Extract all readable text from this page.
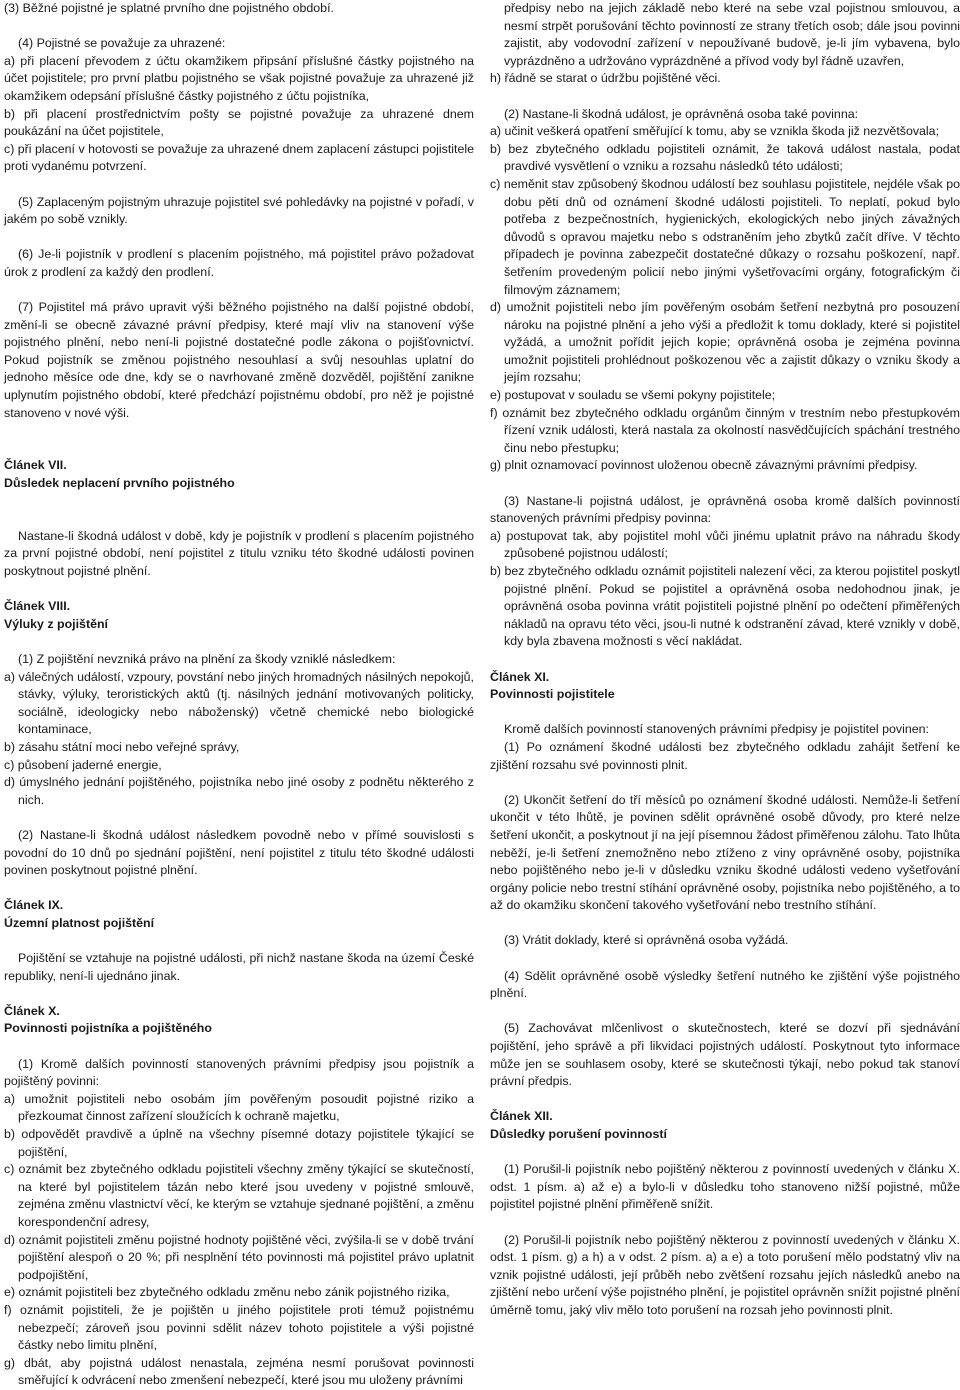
(3) Běžné pojistné je splatné prvního dne pojistného období.

(4) Pojistné se považuje za uhrazené:

a) při placení převodem z účtu okamžikem připsání příslušné částky pojistného na účet pojistitele; pro první platbu pojistného se však pojistné považuje za uhrazené již okamžikem odepsání příslušné částky pojistného z účtu pojistníka,

b) při placení prostřednictvím pošty se pojistné považuje za uhrazené dnem poukázání na účet pojistitele,

c) při placení v hotovosti se považuje za uhrazené dnem zaplacení zástupci pojistitele proti vydanému potvrzení.

(5) Zaplaceným pojistným uhrazuje pojistitel své pohledávky na pojistné v pořadí, v jakém po sobě vznikly.

(6) Je-li pojistník v prodlení s placením pojistného, má pojistitel právo požadovat úrok z prodlení za každý den prodlení.

(7) Pojistitel má právo upravit výši běžného pojistného na další pojistné období, změní-li se obecně závazné právní předpisy, které mají vliv na stanovení výše pojistného plnění, nebo není-li pojistné dostatečné podle zákona o pojišťovnictví. Pokud pojistník se změnou pojistného nesouhlasí a svůj nesouhlas uplatní do jednoho měsíce ode dne, kdy se o navrhované změně dozvěděl, pojištění zanikne uplynutím pojistného období, které předchází pojistnému období, pro něž je pojistné stanoveno v nové výši.

Článek VII.

Důsledek neplacení prvního pojistného

Nastane-li škodná událost v době, kdy je pojistník v prodlení s placením pojistného za první pojistné období, není pojistitel z titulu vzniku této škodné události povinen poskytnout pojistné plnění.

Článek VIII.

Výluky z pojištění

(1) Z pojištění nevzniká právo na plnění za škody vzniklé následkem:

a) válečných událostí, vzpoury, povstání nebo jiných hromadných násilných nepokojů, stávky, výluky, teroristických aktů (tj. násilných jednání motivovaných politicky, sociálně, ideologicky nebo náboženský) včetně chemické nebo biologické kontaminace,

b) zásahu státní moci nebo veřejné správy,

c) působení jaderné energie,

d) úmyslného jednání pojištěného, pojistníka nebo jiné osoby z podnětu některého z nich.

(2) Nastane-li škodná událost následkem povodně nebo v přímé souvislosti s povodní do 10 dnů po sjednání pojištění, není pojistitel z titulu této škodné události povinen poskytnout pojistné plnění.

Článek IX.

Územní platnost pojištění

Pojištění se vztahuje na pojistné události, při nichž nastane škoda na území České republiky, není-li ujednáno jinak.

Článek X.

Povinnosti pojistníka a pojištěného

(1) Kromě dalších povinností stanovených právními předpisy jsou pojistník a pojištěný povinni:

a) umožnit pojistiteli nebo osobám jím pověřeným posoudit pojistné riziko a přezkoumat činnost zařízení sloužících k ochraně majetku,

b) odpovědět pravdivě a úplně na všechny písemné dotazy pojistitele týkající se pojištění,

c) oznámit bez zbytečného odkladu pojistiteli všechny změny týkající se skutečností, na které byl pojistitelem tázán nebo které jsou uvedeny v pojistné smlouvě, zejména změnu vlastnictví věcí, ke kterým se vztahuje sjednané pojištění, a změnu korespondenční adresy,

d) oznámit pojistiteli změnu pojistné hodnoty pojištěné věci, zvýšila-li se v době trvání pojištění alespoň o 20 %; při nesplnění této povinnosti má pojistitel právo uplatnit podpojištění,

e) oznámit pojistiteli bez zbytečného odkladu změnu nebo zánik pojistného rizika,

f) oznámit pojistiteli, že je pojištěn u jiného pojistitele proti témuž pojistnému nebezpečí; zároveň jsou povinni sdělit název tohoto pojistitele a výši pojistné částky nebo limitu plnění,

g) dbát, aby pojistná událost nenastala, zejména nesmí porušovat povinnosti směřující k odvrácení nebo zmenšení nebezpečí, které jsou mu uloženy právními

předpisy nebo na jejich základě nebo které na sebe vzal pojistnou smlouvou, a nesmí strpět porušování těchto povinností ze strany třetích osob; dále jsou povinni zajistit, aby vodovodní zařízení v nepoužívané budově, je-li jím vybavena, bylo vyprázdněno a udržováno vyprázdněné a přívod vody byl řádně uzavřen,

h) řádně se starat o údržbu pojištěné věci.

(2) Nastane-li škodná událost, je oprávněná osoba také povinna:

a) učinit veškerá opatření směřující k tomu, aby se vznikla škoda již nezvětšovala;

b) bez zbytečného odkladu pojistiteli oznámit, že taková událost nastala, podat pravdivé vysvětlení o vzniku a rozsahu následků této události;

c) neměnit stav způsobený škodnou událostí bez souhlasu pojistitele, nejdéle však po dobu pěti dnů od oznámení škodné události pojistiteli. To neplatí, pokud bylo potřeba z bezpečnostních, hygienických, ekologických nebo jiných závažných důvodů s opravou majetku nebo s odstraněním jeho zbytků začít dříve. V těchto případech je povinna zabezpečit dostatečné důkazy o rozsahu poškození, např. šetřením provedeným policií nebo jinými vyšetřovacími orgány, fotografickým či filmovým záznamem;

d) umožnit pojistiteli nebo jím pověřeným osobám šetření nezbytná pro posouzení nároku na pojistné plnění a jeho výši a předložit k tomu doklady, které si pojistitel vyžádá, a umožnit pořídit jejich kopie; oprávněná osoba je zejména povinna umožnit pojistiteli prohlédnout poškozenou věc a zajistit důkazy o vzniku škody a jejím rozsahu;

e) postupovat v souladu se všemi pokyny pojistitele;

f) oznámit bez zbytečného odkladu orgánům činným v trestním nebo přestupkovém řízení vznik události, která nastala za okolností nasvědčujících spáchání trestného činu nebo přestupku;

g) plnit oznamovací povinnost uloženou obecně závaznými právními předpisy.

(3) Nastane-li pojistná událost, je oprávněná osoba kromě dalších povinností stanovených právními předpisy povinna:

a) postupovat tak, aby pojistitel mohl vůči jinému uplatnit právo na náhradu škody způsobené pojistnou událostí;

b) bez zbytečného odkladu oznámit pojistiteli nalezení věci, za kterou pojistitel poskytl pojistné plnění. Pokud se pojistitel a oprávněná osoba nedohodnou jinak, je oprávněná osoba povinna vrátit pojistiteli pojistné plnění po odečtení přiměřených nákladů na opravu této věci, jsou-li nutné k odstranění závad, které vznikly v době, kdy byla zbavena možnosti s věcí nakládat.

Článek XI.

Povinnosti pojistitele

Kromě dalších povinností stanovených právními předpisy je pojistitel povinen:

(1) Po oznámení škodné události bez zbytečného odkladu zahájit šetření ke zjištění rozsahu své povinnosti plnit.

(2) Ukončit šetření do tří měsíců po oznámení škodné události. Nemůže-li šetření ukončit v této lhůtě, je povinen sdělit oprávněné osobě důvody, pro které nelze šetření ukončit, a poskytnout jí na její písemnou žádost přiměřenou zálohu. Tato lhůta neběží, je-li šetření znemožněno nebo ztíženo z viny oprávněné osoby, pojistníka nebo pojištěného nebo je-li v důsledku vzniku škodné události vedeno vyšetřování orgány policie nebo trestní stíhání oprávněné osoby, pojistníka nebo pojištěného, a to až do okamžiku skončení takového vyšetřování nebo trestního stíhání.

(3) Vrátit doklady, které si oprávněná osoba vyžádá.

(4) Sdělit oprávněné osobě výsledky šetření nutného ke zjištění výše pojistného plnění.

(5) Zachovávat mlčenlivost o skutečnostech, které se dozví při sjednávání pojištění, jeho správě a při likvidaci pojistných událostí. Poskytnout tyto informace může jen se souhlasem osoby, které se skutečnosti týkají, nebo pokud tak stanoví právní předpis.

Článek XII.

Důsledky porušení povinností

(1) Porušil-li pojistník nebo pojištěný některou z povinností uvedených v článku X. odst. 1 písm. a) až e) a bylo-li v důsledku toho stanoveno nižší pojistné, může pojistitel pojistné plnění přiměřeně snížit.

(2) Porušil-li pojistník nebo pojištěný některou z povinností uvedených v článku X. odst. 1 písm. g) a h) a v odst. 2 písm. a) a e) a toto porušení mělo podstatný vliv na vznik pojistné události, její průběh nebo zvětšení rozsahu jejích následků anebo na zjištění nebo určení výše pojistného plnění, je pojistitel oprávněn snížit pojistné plnění úměrně tomu, jaký vliv mělo toto porušení na rozsah jeho povinnosti plnit.
